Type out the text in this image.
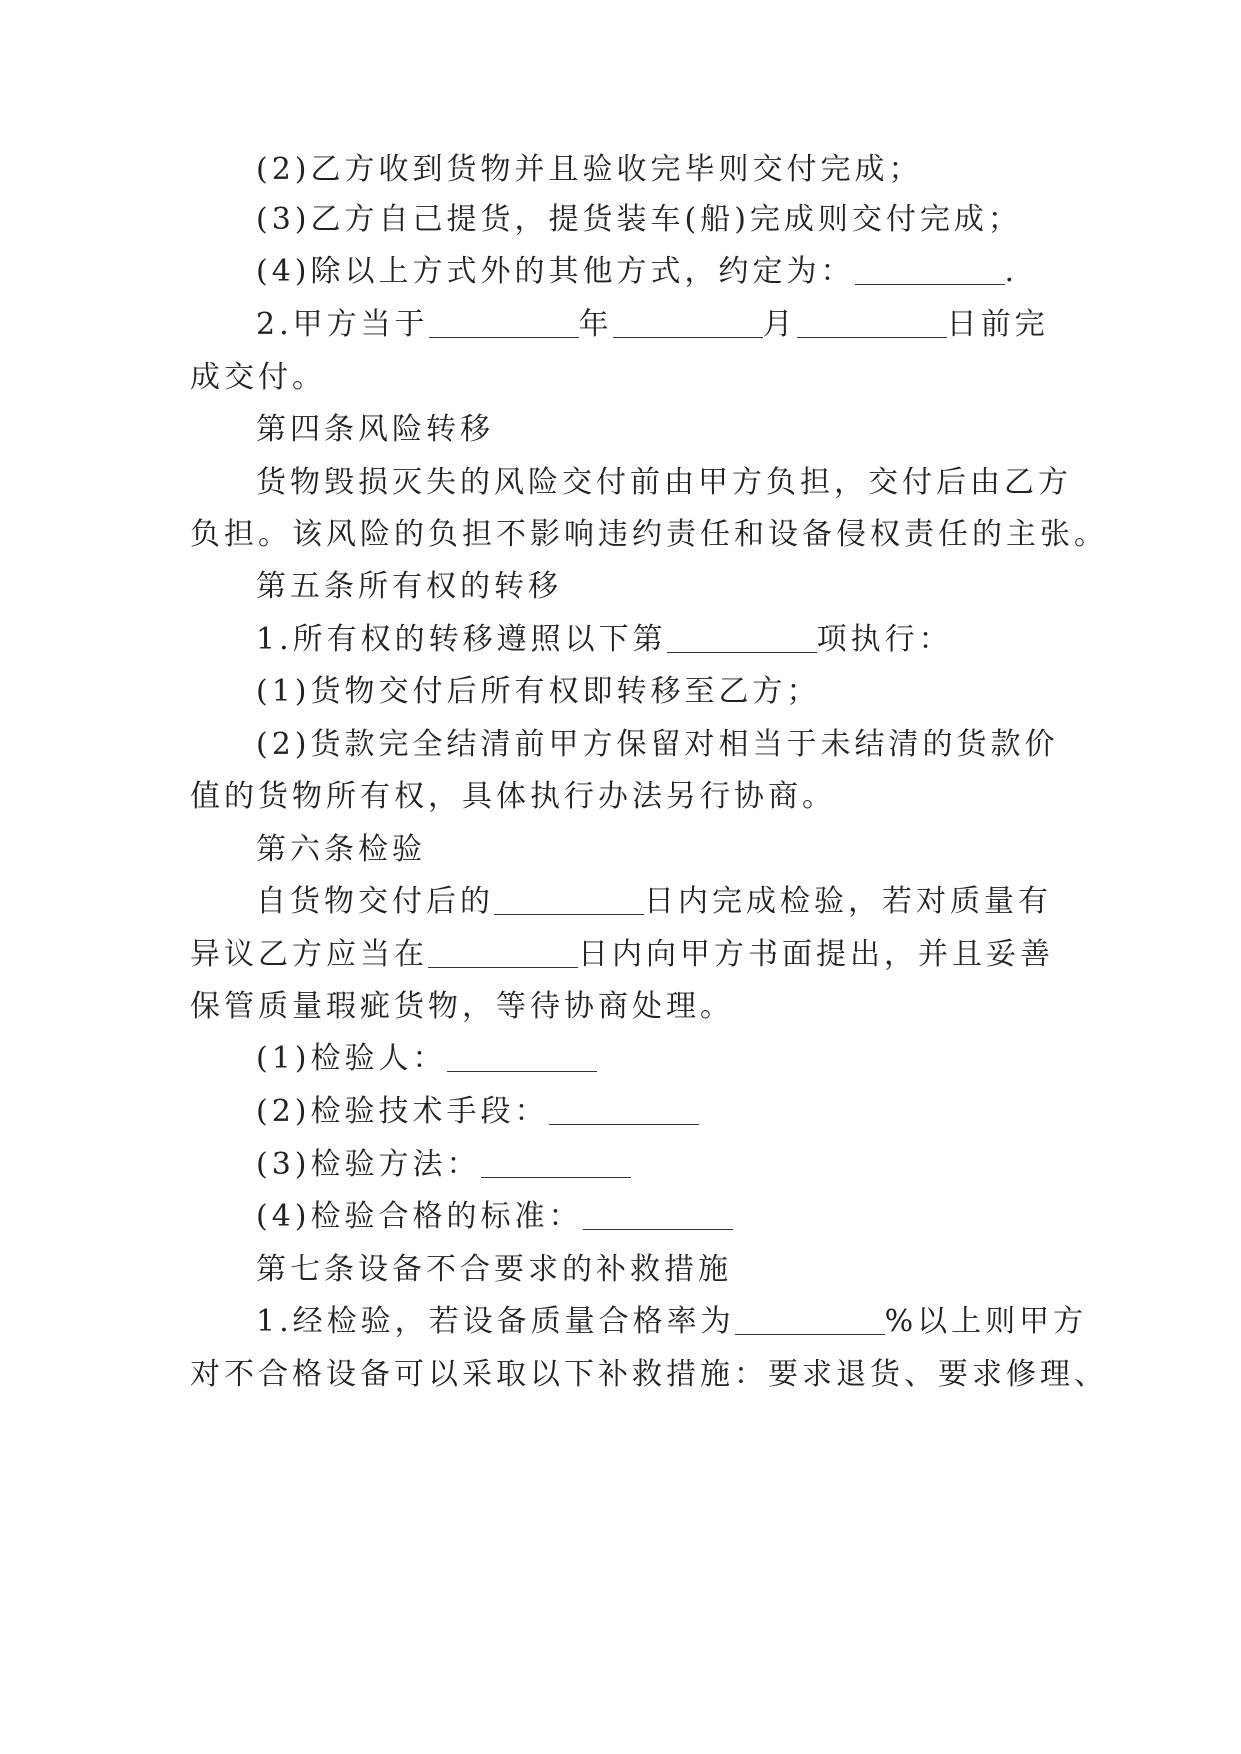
(2)乙方收到货物并且验收完毕则交付完成；
(3)乙方自己提货，提货装车(船)完成则交付完成；
(4)除以上方式外的其他方式，约定为：	.
2.甲方当于	年	月	日前完
成交付。
第四条风险转移
货物毁损灭失的风险交付前由甲方负担，交付后由乙方
负担。该风险的负担不影响违约责任和设备侵权责任的主张。
第五条所有权的转移
1.所有权的转移遵照以下第	项执行：
(1)货物交付后所有权即转移至乙方；
(2)货款完全结清前甲方保留对相当于未结清的货款价
值的货物所有权，具体执行办法另行协商。
第六条检验
自货物交付后的	日内完成检验，若对质量有
异议乙方应当在	日内向甲方书面提出，并且妥善
保管质量瑕疵货物，等待协商处理。
(1)检验人：
(2)检验技术手段：
(3)检验方法：
(4)检验合格的标准：
第七条设备不合要求的补救措施
1.经检验，若设备质量合格率为	%以上则甲方
对不合格设备可以采取以下补救措施：要求退货、要求修理、
